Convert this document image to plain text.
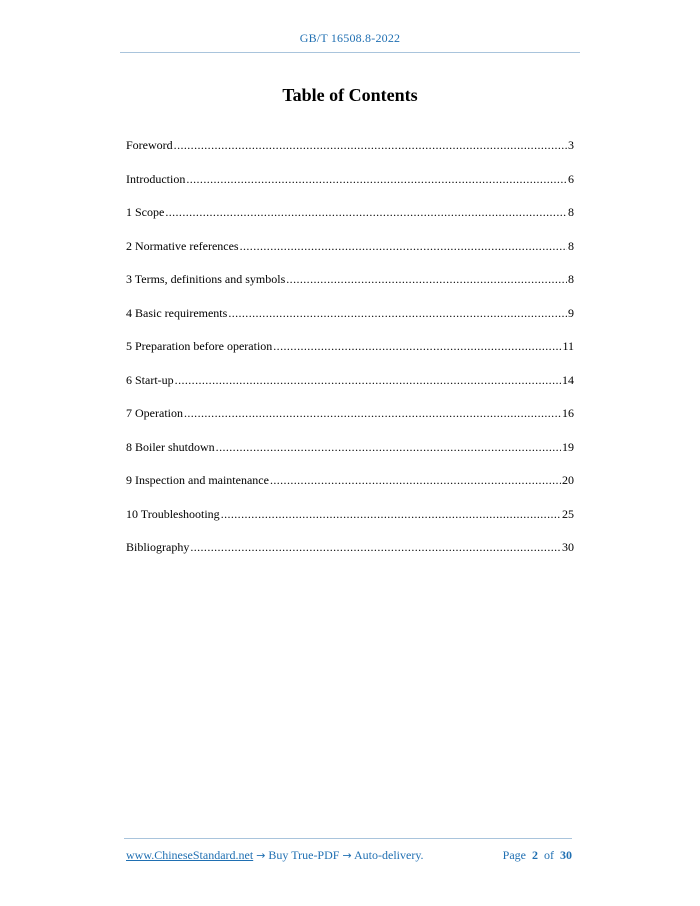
GB/T 16508.8-2022
Table of Contents
Foreword .....	3
Introduction .....	6
1 Scope .....	8
2 Normative references .....	8
3 Terms, definitions and symbols .....	8
4 Basic requirements .....	9
5 Preparation before operation .....	11
6 Start-up .....	14
7 Operation .....	16
8 Boiler shutdown .....	19
9 Inspection and maintenance .....	20
10 Troubleshooting .....	25
Bibliography .....	30
www.ChineseStandard.net → Buy True-PDF → Auto-delivery.	Page 2 of 30
